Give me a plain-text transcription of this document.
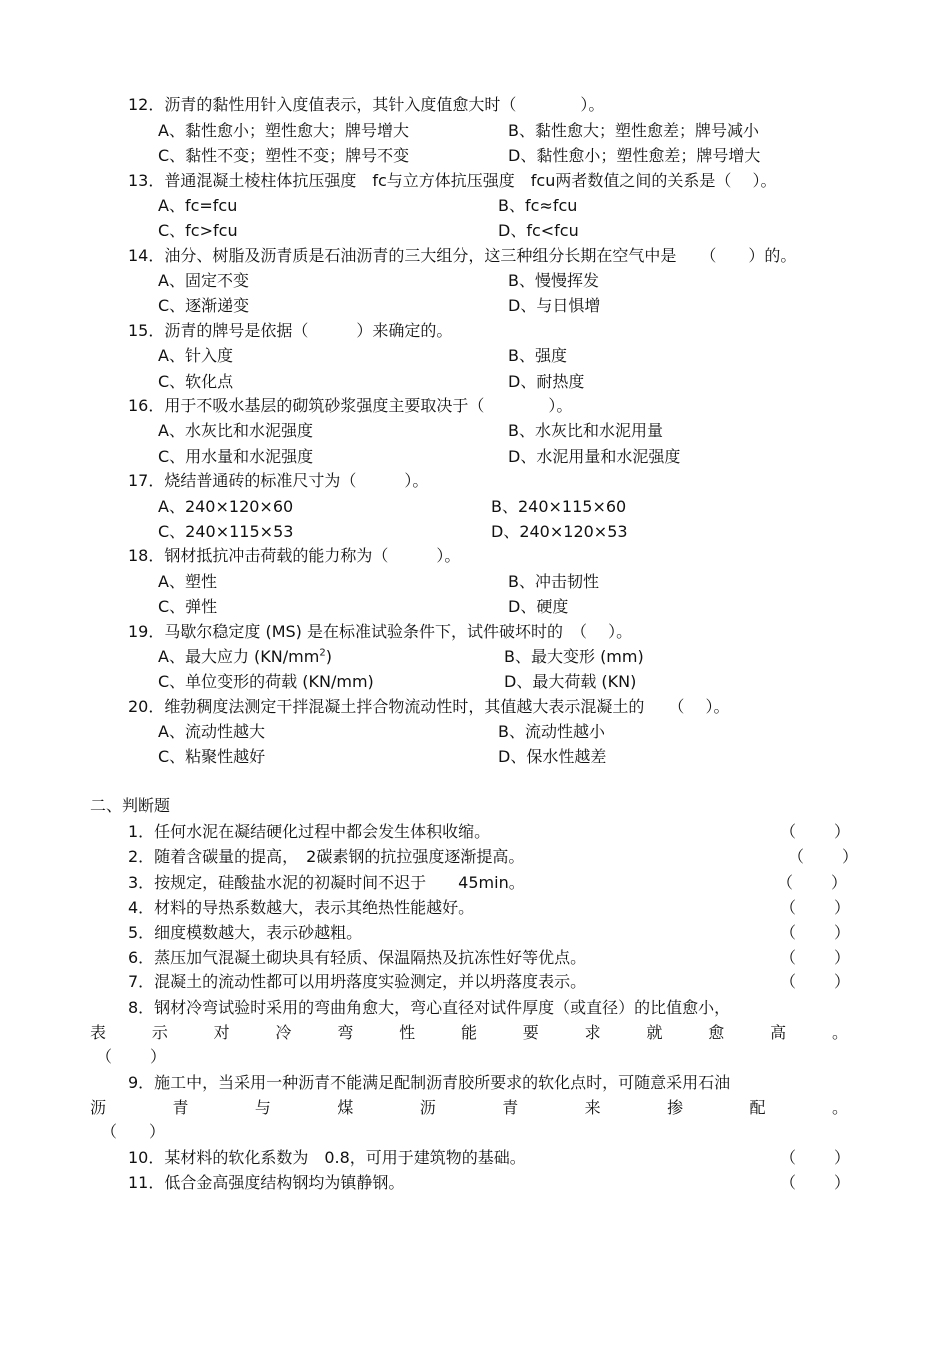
12．沥青的黏性用针入度值表示，其针入度值愈大时（　　　　）。
A、黏性愈小；塑性愈大；牌号增大	B、黏性愈大；塑性愈差；牌号减小
C、黏性不变；塑性不变；牌号不变	D、黏性愈小；塑性愈差；牌号增大
13．普通混凝土棱柱体抗压强度　fc与立方体抗压强度　fcu两者数值之间的关系是（　 ）。
A、fc=fcu	B、fc≈fcu
C、fc>fcu	D、fc<fcu
14．油分、树脂及沥青质是石油沥青的三大组分，这三种组分长期在空气中是　　（　　）的。
A、固定不变	B、慢慢挥发
C、逐渐递变	D、与日惧增
15．沥青的牌号是依据（　　　）来确定的。
A、针入度	B、强度
C、软化点	D、耐热度
16．用于不吸水基层的砌筑砂浆强度主要取决于（　　　　）。
A、水灰比和水泥强度	B、水灰比和水泥用量
C、用水量和水泥强度	D、水泥用量和水泥强度
17．烧结普通砖的标准尺寸为（　　　）。
A、240×120×60	B、240×115×60
C、240×115×53	D、240×120×53
18．钢材抵抗冲击荷载的能力称为（　　　）。
A、塑性	B、冲击韧性
C、弹性	D、硬度
19．马歇尔稳定度 (MS) 是在标准试验条件下，试件破坏时的　（　 ）。
A、最大应力 $(KN/mm^2)$	B、最大变形 (mm)
C、单位变形的荷载 (KN/mm)	D、最大荷载 (KN)
20．维勃稠度法测定干拌混凝土拌合物流动性时，其值越大表示混凝土的　　（　 ）。
A、流动性越大	B、流动性越小
C、粘聚性越好	D、保水性越差
二、判断题
1．任何水泥在凝结硬化过程中都会发生体积收缩。	（ ）
2．随着含碳量的提高，　2碳素钢的抗拉强度逐渐提高。	（ ）
3．按规定，硅酸盐水泥的初凝时间不迟于　　45min。	（ ）
4．材料的导热系数越大，表示其绝热性能越好。	（ ）
5．细度模数越大，表示砂越粗。	（ ）
6．蒸压加气混凝土砌块具有轻质、保温隔热及抗冻性好等优点。	（ ）
7．混凝土的流动性都可以用坍落度实验测定，并以坍落度表示。	（ ）
8．钢材冷弯试验时采用的弯曲角愈大，弯心直径对试件厚度（或直径）的比值愈小，
表	示	对	冷	弯	性	能	要	求	就	愈	高	。
（ ）
9．施工中，当采用一种沥青不能满足配制沥青胶所要求的软化点时，可随意采用石油
沥	青	与	煤	沥	青	来	掺	配	。
（ ）
10．某材料的软化系数为　0.8，可用于建筑物的基础。	（ ）
11．低合金高强度结构钢均为镇静钢。	（ ）
